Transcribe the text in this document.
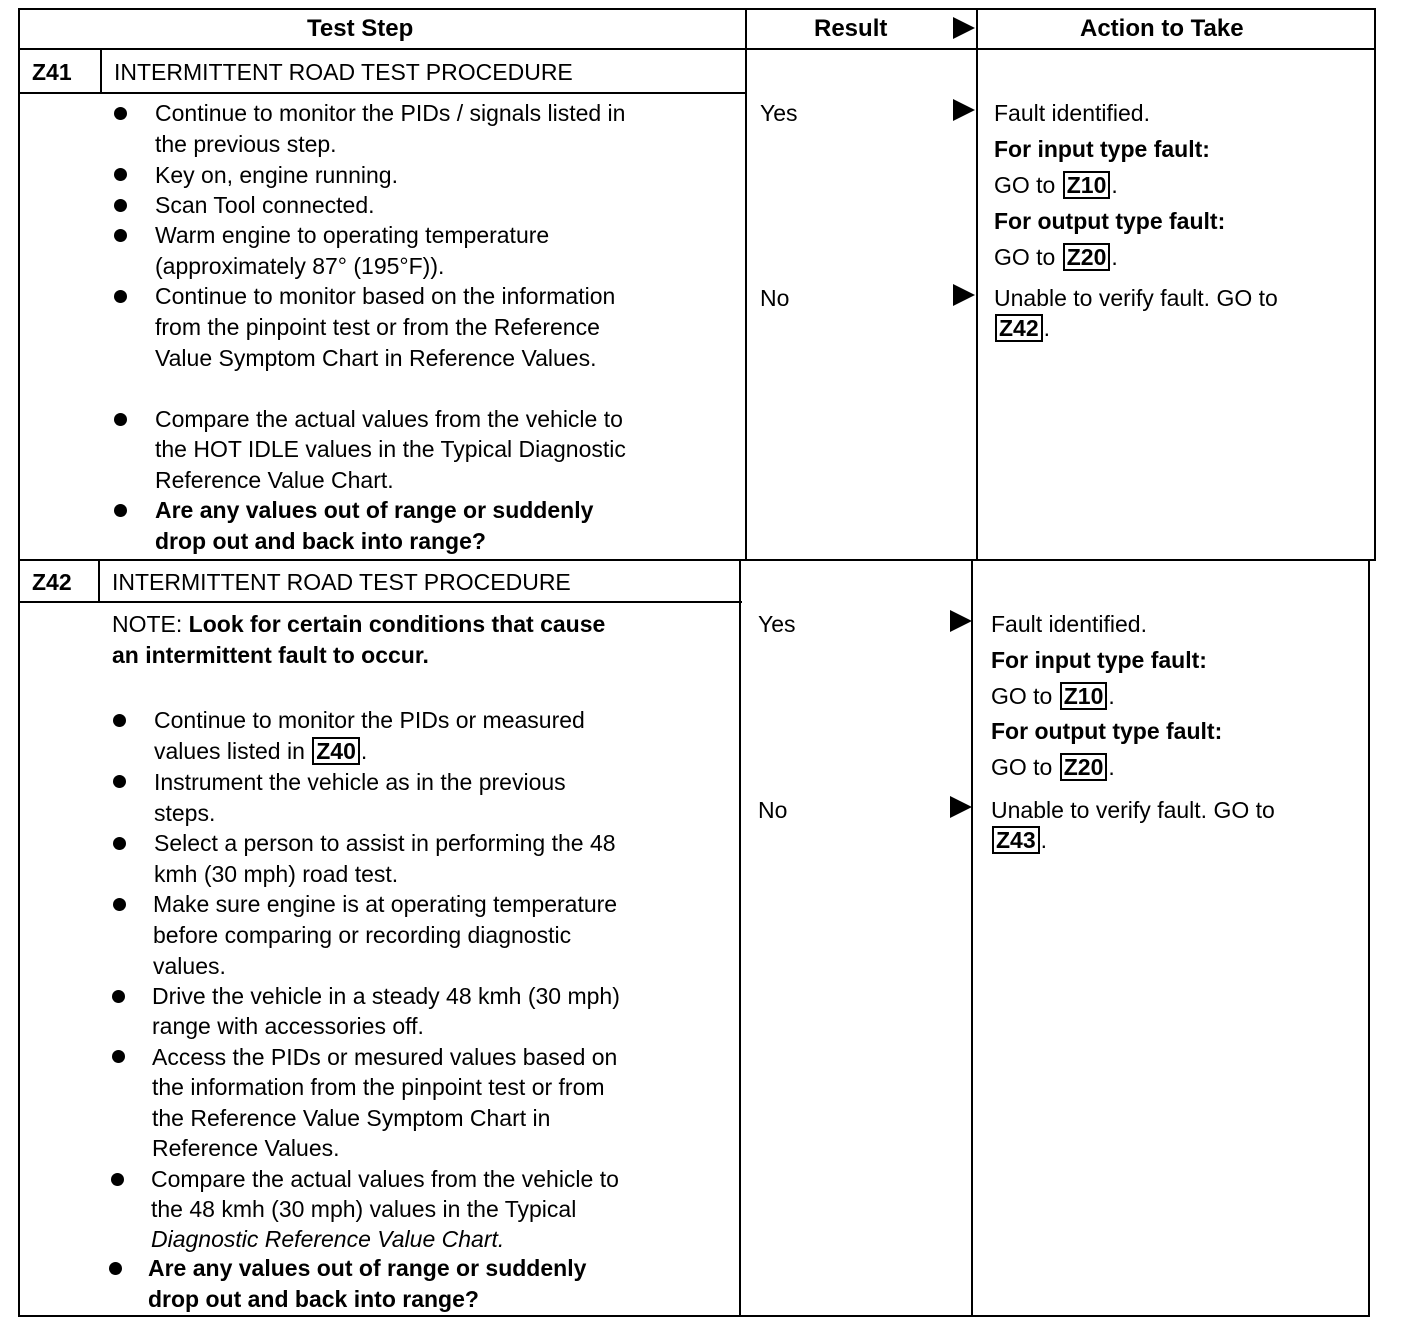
Test Step	Result	Action to Take
Z41 INTERMITTENT ROAD TEST PROCEDURE
Continue to monitor the PIDs / signals listed in
the previous step.
Key on, engine running.
Scan Tool connected.
Warm engine to operating temperature
(approximately 87° (195°F)).
Continue to monitor based on the information
from the pinpoint test or from the Reference
Value Symptom Chart in Reference Values.
Compare the actual values from the vehicle to
the HOT IDLE values in the Typical Diagnostic
Reference Value Chart.
Are any values out of range or suddenly
drop out and back into range?
Yes
No
Fault identified.
For input type fault:
GO to Z10 .
For output type fault:
GO to Z20 .
Unable to verify fault. GO to
Z42 .
Z42 INTERMITTENT ROAD TEST PROCEDURE
NOTE: Look for certain conditions that cause
an intermittent fault to occur.
Continue to monitor the PIDs or measured
values listed in Z40 .
Instrument the vehicle as in the previous
steps.
Select a person to assist in performing the 48
kmh (30 mph) road test.
Make sure engine is at operating temperature
before comparing or recording diagnostic
values.
Drive the vehicle in a steady 48 kmh (30 mph)
range with accessories off.
Access the PIDs or mesured values based on
the information from the pinpoint test or from
the Reference Value Symptom Chart in
Reference Values.
Compare the actual values from the vehicle to
the 48 kmh (30 mph) values in the Typical
Diagnostic Reference Value Chart.
Are any values out of range or suddenly
drop out and back into range?
Yes
No
Fault identified.
For input type fault:
GO to Z10 .
For output type fault:
GO to Z20 .
Unable to verify fault. GO to
Z43 .
